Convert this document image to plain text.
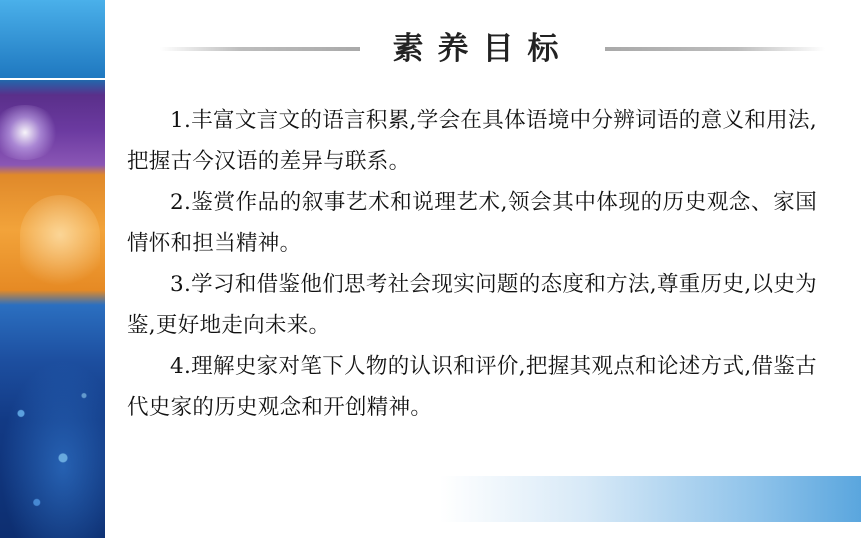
素养目标

1.丰富文言文的语言积累,学会在具体语境中分辨词语的意义和用法,把握古今汉语的差异与联系。

2.鉴赏作品的叙事艺术和说理艺术,领会其中体现的历史观念、家国情怀和担当精神。

3.学习和借鉴他们思考社会现实问题的态度和方法,尊重历史,以史为鉴,更好地走向未来。

4.理解史家对笔下人物的认识和评价,把握其观点和论述方式,借鉴古代史家的历史观念和开创精神。
